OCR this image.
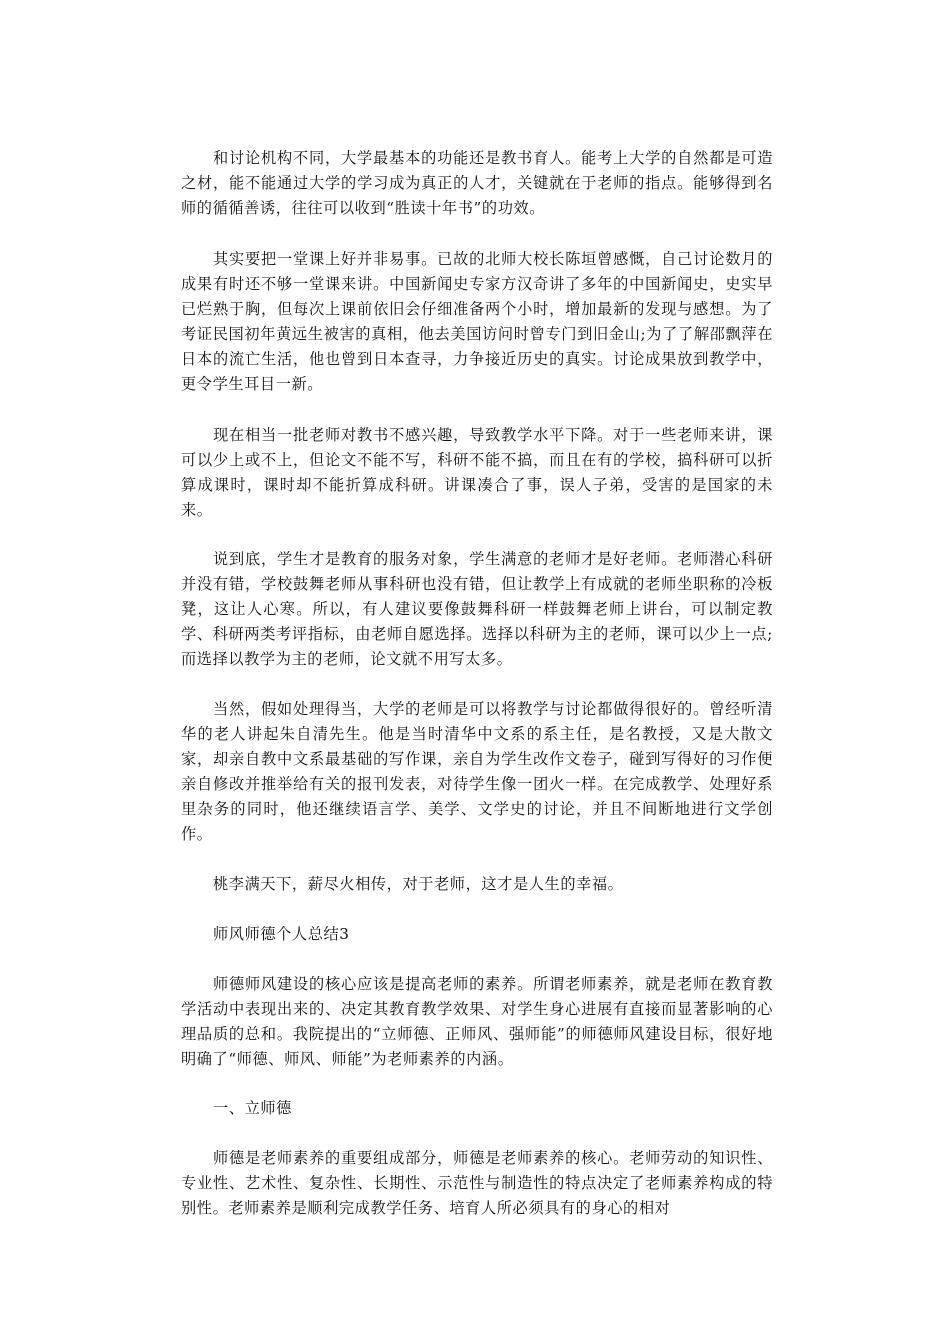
和讨论机构不同，大学最基本的功能还是教书育人。能考上大学的自然都是可造之材，能不能通过大学的学习成为真正的人才，关键就在于老师的指点。能够得到名师的循循善诱，往往可以收到“胜读十年书”的功效。

其实要把一堂课上好并非易事。已故的北师大校长陈垣曾感慨，自己讨论数月的成果有时还不够一堂课来讲。中国新闻史专家方汉奇讲了多年的中国新闻史，史实早已烂熟于胸，但每次上课前依旧会仔细准备两个小时，增加最新的发现与感想。为了考证民国初年黄远生被害的真相，他去美国访问时曾专门到旧金山;为了了解邵飘萍在日本的流亡生活，他也曾到日本查寻，力争接近历史的真实。讨论成果放到教学中，更令学生耳目一新。

现在相当一批老师对教书不感兴趣，导致教学水平下降。对于一些老师来讲，课可以少上或不上，但论文不能不写，科研不能不搞，而且在有的学校，搞科研可以折算成课时，课时却不能折算成科研。讲课凑合了事，误人子弟，受害的是国家的未来。

说到底，学生才是教育的服务对象，学生满意的老师才是好老师。老师潜心科研并没有错，学校鼓舞老师从事科研也没有错，但让教学上有成就的老师坐职称的冷板凳，这让人心寒。所以，有人建议要像鼓舞科研一样鼓舞老师上讲台，可以制定教学、科研两类考评指标，由老师自愿选择。选择以科研为主的老师，课可以少上一点;而选择以教学为主的老师，论文就不用写太多。

当然，假如处理得当，大学的老师是可以将教学与讨论都做得很好的。曾经听清华的老人讲起朱自清先生。他是当时清华中文系的系主任，是名教授，又是大散文家，却亲自教中文系最基础的写作课，亲自为学生改作文卷子，碰到写得好的习作便亲自修改并推举给有关的报刊发表，对待学生像一团火一样。在完成教学、处理好系里杂务的同时，他还继续语言学、美学、文学史的讨论，并且不间断地进行文学创作。

桃李满天下，薪尽火相传，对于老师，这才是人生的幸福。

师风师德个人总结3

师德师风建设的核心应该是提高老师的素养。所谓老师素养，就是老师在教育教学活动中表现出来的、决定其教育教学效果、对学生身心进展有直接而显著影响的心理品质的总和。我院提出的“立师德、正师风、强师能”的师德师风建设目标，很好地明确了“师德、师风、师能”为老师素养的内涵。

一、立师德

师德是老师素养的重要组成部分，师德是老师素养的核心。老师劳动的知识性、专业性、艺术性、复杂性、长期性、示范性与制造性的特点决定了老师素养构成的特别性。老师素养是顺利完成教学任务、培育人所必须具有的身心的相对
